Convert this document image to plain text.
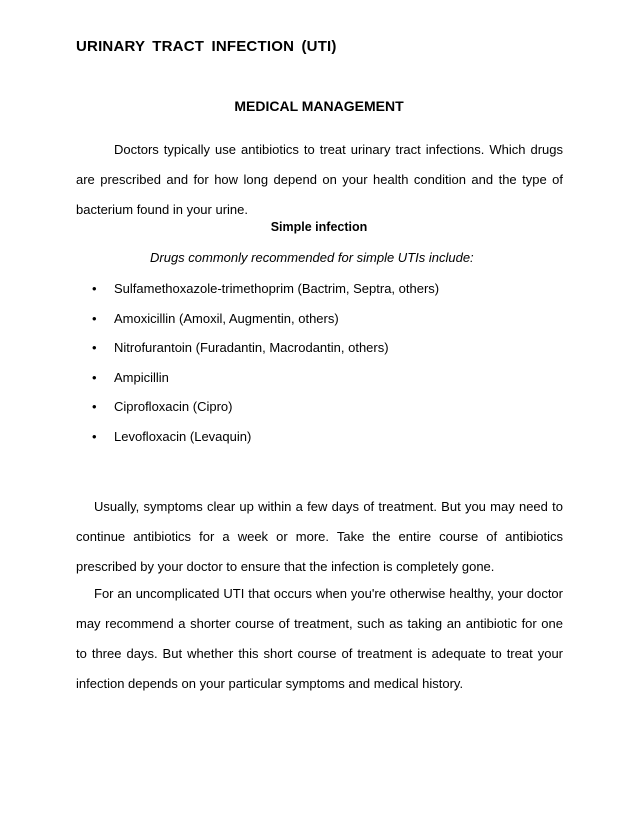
URINARY TRACT INFECTION (UTI)
MEDICAL MANAGEMENT

Doctors typically use antibiotics to treat urinary tract infections. Which drugs are prescribed and for how long depend on your health condition and the type of bacterium found in your urine.

Simple infection
Drugs commonly recommended for simple UTIs include:
•	Sulfamethoxazole-trimethoprim (Bactrim, Septra, others)
•	Amoxicillin (Amoxil, Augmentin, others)
•	Nitrofurantoin (Furadantin, Macrodantin, others)
•	Ampicillin
•	Ciprofloxacin (Cipro)
•	Levofloxacin (Levaquin)

Usually, symptoms clear up within a few days of treatment. But you may need to continue antibiotics for a week or more. Take the entire course of antibiotics prescribed by your doctor to ensure that the infection is completely gone.

For an uncomplicated UTI that occurs when you're otherwise healthy, your doctor may recommend a shorter course of treatment, such as taking an antibiotic for one to three days. But whether this short course of treatment is adequate to treat your infection depends on your particular symptoms and medical history.
